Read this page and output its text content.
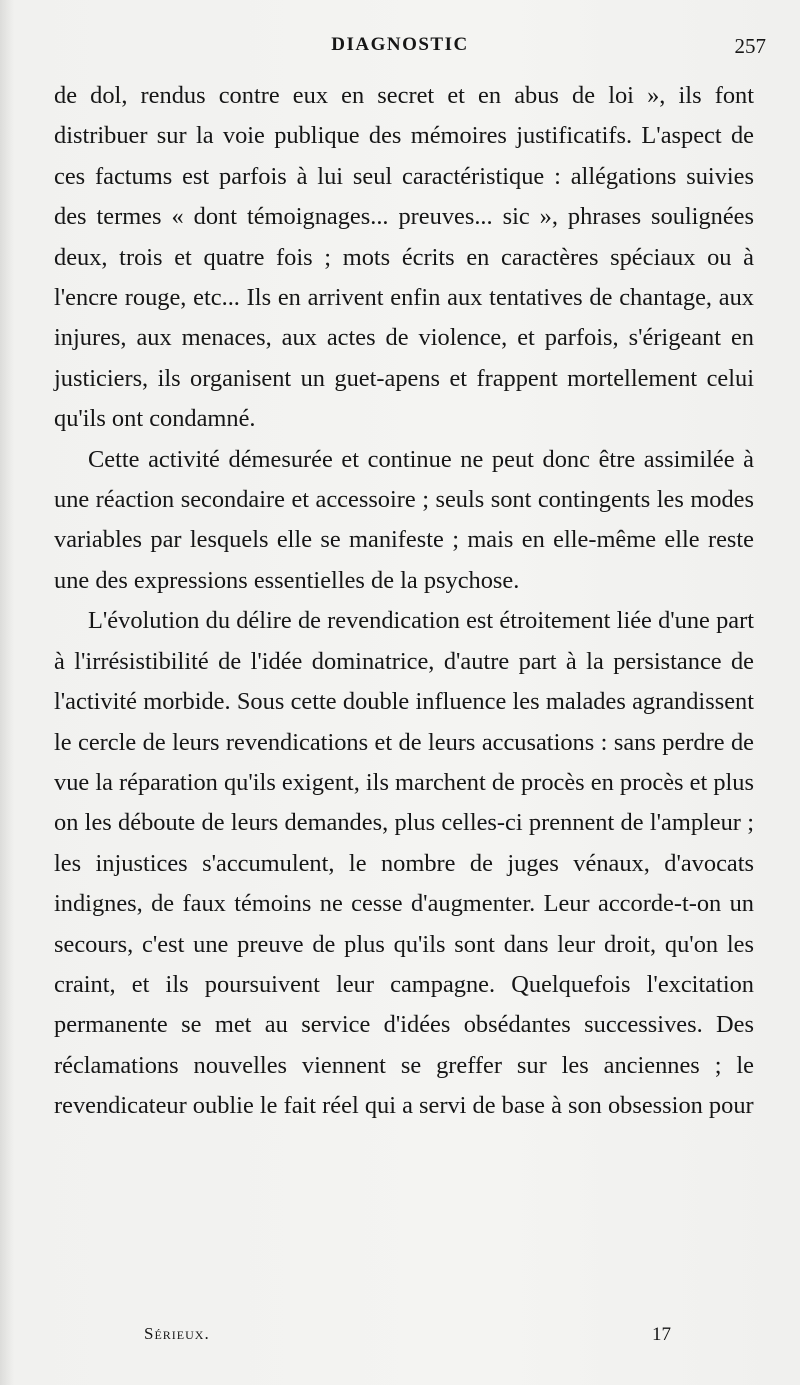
DIAGNOSTIC	257

de dol, rendus contre eux en secret et en abus de loi », ils font distribuer sur la voie publique des mémoires justificatifs. L'aspect de ces factums est parfois à lui seul caractéristique : allégations suivies des termes « dont témoignages... preuves... sic », phrases soulignées deux, trois et quatre fois ; mots écrits en caractères spéciaux ou à l'encre rouge, etc... Ils en arrivent enfin aux tentatives de chantage, aux injures, aux menaces, aux actes de violence, et parfois, s'érigeant en justiciers, ils organisent un guet-apens et frappent mortellement celui qu'ils ont condamné.

Cette activité démesurée et continue ne peut donc être assimilée à une réaction secondaire et accessoire ; seuls sont contingents les modes variables par lesquels elle se manifeste ; mais en elle-même elle reste une des expressions essentielles de la psychose.

L'évolution du délire de revendication est étroitement liée d'une part à l'irrésistibilité de l'idée dominatrice, d'autre part à la persistance de l'activité morbide. Sous cette double influence les malades agrandissent le cercle de leurs revendications et de leurs accusations : sans perdre de vue la réparation qu'ils exigent, ils marchent de procès en procès et plus on les déboute de leurs demandes, plus celles-ci prennent de l'ampleur ; les injustices s'accumulent, le nombre de juges vénaux, d'avocats indignes, de faux témoins ne cesse d'augmenter. Leur accorde-t-on un secours, c'est une preuve de plus qu'ils sont dans leur droit, qu'on les craint, et ils poursuivent leur campagne. Quelquefois l'excitation permanente se met au service d'idées obsédantes successives. Des réclamations nouvelles viennent se greffer sur les anciennes ; le revendicateur oublie le fait réel qui a servi de base à son obsession pour

Sérieux.	17
